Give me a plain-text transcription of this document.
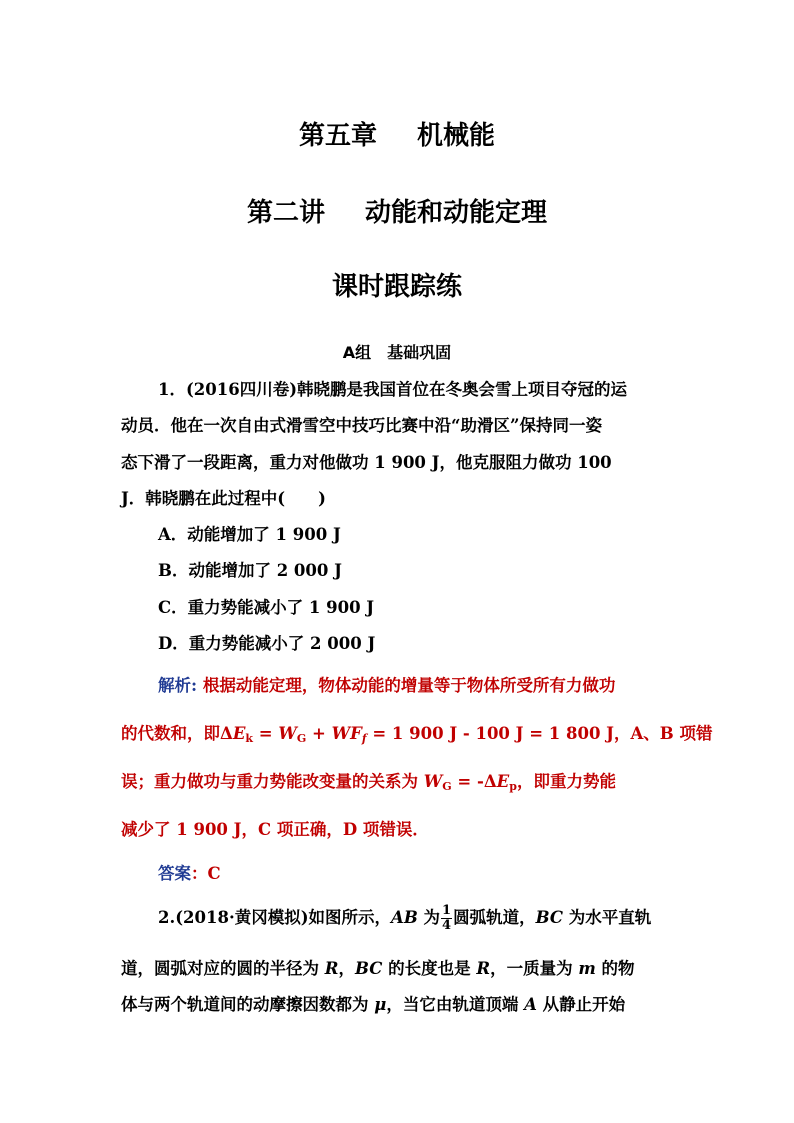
第五章 机械能
第二讲 动能和动能定理
课时跟踪练
A组　基础巩固
1．(2016四川卷)韩晓鹏是我国首位在冬奥会雪上项目夺冠的运
动员．他在一次自由式滑雪空中技巧比赛中沿“助滑区”保持同一姿
态下滑了一段距离，重力对他做功 1 900 J，他克服阻力做功 100
J．韩晓鹏在此过程中(　　)
A．动能增加了 1 900 J
B．动能增加了 2 000 J
C．重力势能减小了 1 900 J
D．重力势能减小了 2 000 J
解析: 根据动能定理，物体动能的增量等于物体所受所有力做功
的代数和，即$\Delta E_k = W_G + WF_f = 1$ 900 J - 100 J = 1 800 J，A、B 项错
误；重力做功与重力势能改变量的关系为 $W_G = -\Delta E_p$，即重力势能
减少了 1 900 J，C 项正确，D 项错误．
答案：C
2.(2018·黄冈模拟)如图所示，AB 为 $\frac{1}{4}$ 圆弧轨道，BC 为水平直轨
道，圆弧对应的圆的半径为 R，BC 的长度也是 R，一质量为 m 的物
体与两个轨道间的动摩擦因数都为 μ，当它由轨道顶端 A 从静止开始
